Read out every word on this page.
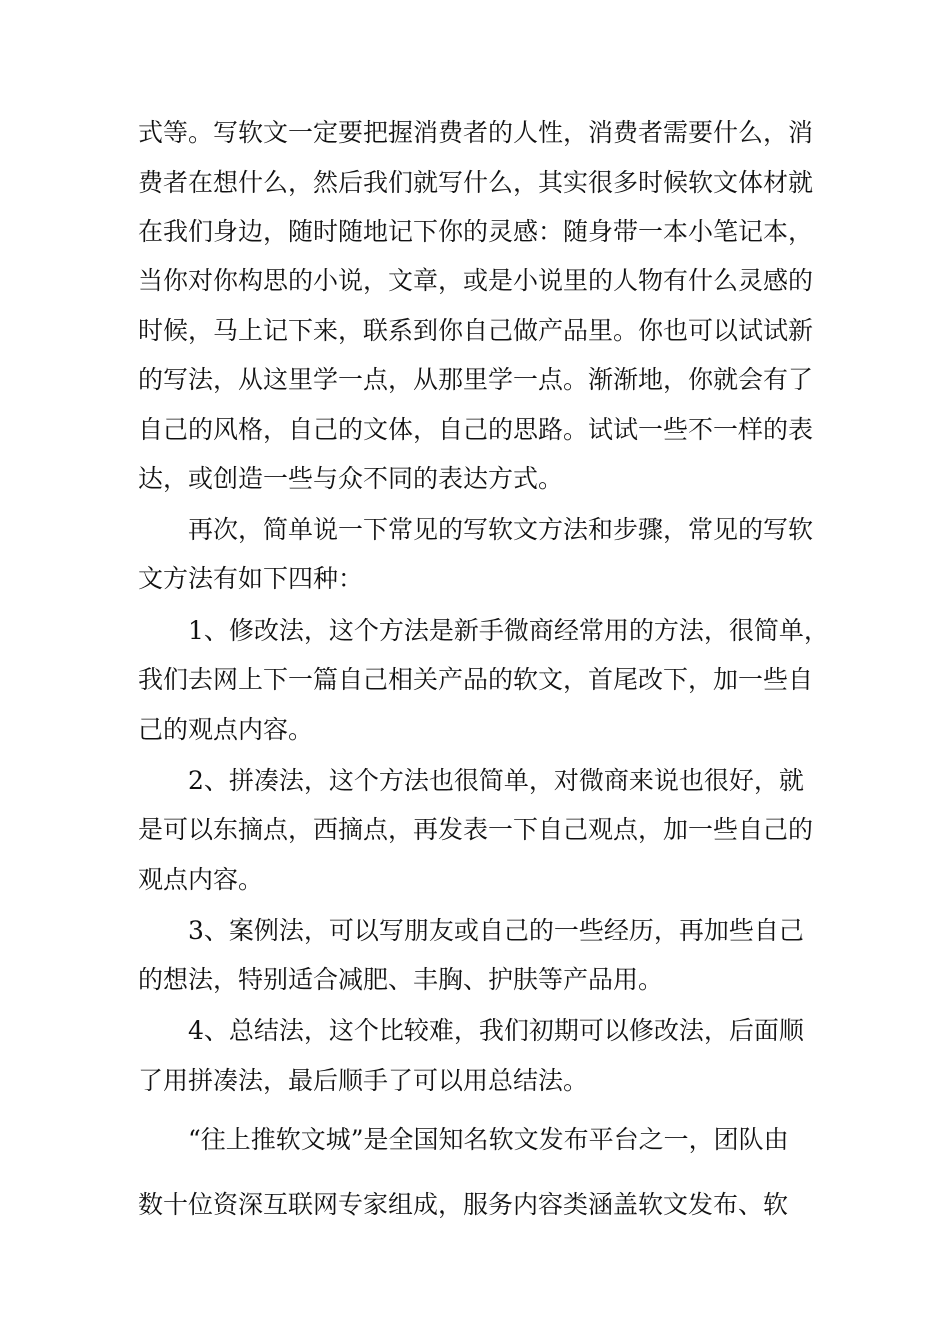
式等。写软文一定要把握消费者的人性，消费者需要什么，消
费者在想什么，然后我们就写什么，其实很多时候软文体材就
在我们身边，随时随地记下你的灵感：随身带一本小笔记本，
当你对你构思的小说，文章，或是小说里的人物有什么灵感的
时候，马上记下来，联系到你自己做产品里。你也可以试试新
的写法，从这里学一点，从那里学一点。渐渐地，你就会有了
自己的风格，自己的文体，自己的思路。试试一些不一样的表
达，或创造一些与众不同的表达方式。
再次，简单说一下常见的写软文方法和步骤，常见的写软
文方法有如下四种：
1、修改法，这个方法是新手微商经常用的方法，很简单，
我们去网上下一篇自己相关产品的软文，首尾改下，加一些自
己的观点内容。
2、拼凑法，这个方法也很简单，对微商来说也很好，就
是可以东摘点，西摘点，再发表一下自己观点，加一些自己的
观点内容。
3、案例法，可以写朋友或自己的一些经历，再加些自己
的想法，特别适合减肥、丰胸、护肤等产品用。
4、总结法，这个比较难，我们初期可以修改法，后面顺
了用拼凑法，最后顺手了可以用总结法。
“往上推软文城”是全国知名软文发布平台之一，团队由
数十位资深互联网专家组成，服务内容类涵盖软文发布、软
